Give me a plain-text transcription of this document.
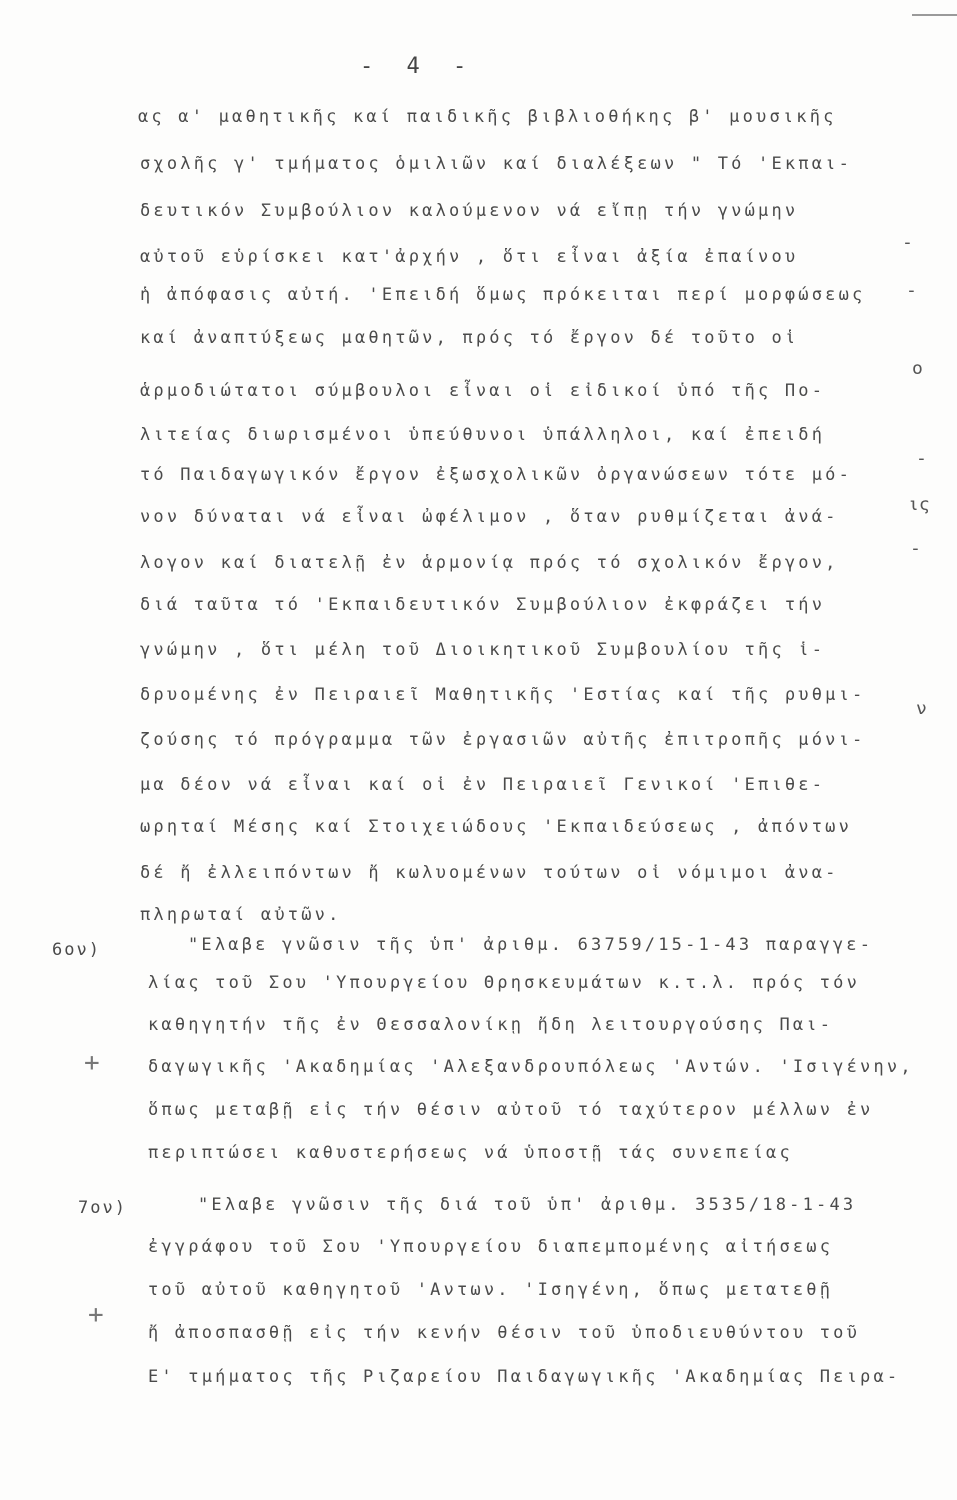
- 4 -
ας α' μαθητικῆς καί παιδικῆς βιβλιοθήκης β' μουσικῆς
σχολῆς γ' τμήματος ὁμιλιῶν καί διαλέξεων " Τό 'Εκπαι-
δευτικόν Συμβούλιον καλούμενον νά εἴπῃ τήν γνώμην
αὐτοῦ εὑρίσκει κατ'ἀρχήν , ὅτι εἶναι ἀξία ἐπαίνου
ἡ ἀπόφασις αὐτή. 'Επειδή ὅμως πρόκειται περί μορφώσεως
καί ἀναπτύξεως μαθητῶν, πρός τό ἔργον δέ τοῦτο οἱ
ἁρμοδιώτατοι σύμβουλοι εἶναι οἱ εἰδικοί ὑπό τῆς Πο-
λιτείας διωρισμένοι ὑπεύθυνοι ὑπάλληλοι, καί ἐπειδή
τό Παιδαγωγικόν ἔργον ἐξωσχολικῶν ὀργανώσεων τότε μό-
νον δύναται νά εἶναι ὠφέλιμον , ὅταν ρυθμίζεται ἀνά-
λογον καί διατελῇ ἐν ἁρμονίᾳ πρός τό σχολικόν ἔργον,
διά ταῦτα τό 'Εκπαιδευτικόν Συμβούλιον ἐκφράζει τήν
γνώμην , ὅτι μέλη τοῦ Διοικητικοῦ Συμβουλίου τῆς ἱ-
δρυομένης ἐν Πειραιεῖ Μαθητικῆς 'Εστίας καί τῆς ρυθμι-
ζούσης τό πρόγραμμα τῶν ἐργασιῶν αὐτῆς ἐπιτροπῆς μόνι-
μα δέον νά εἶναι καί οἱ ἐν Πειραιεῖ Γενικοί 'Επιθε-
ωρηταί Μέσης καί Στοιχειώδους 'Εκπαιδεύσεως , ἀπόντων
δέ ἤ ἐλλειπόντων ἤ κωλυομένων τούτων οἱ νόμιμοι ἀνα-
πληρωταί αὐτῶν.
"Ελαβε γνῶσιν τῆς ὑπ' ἀριθμ. 63759/15-1-43 παραγγε-
λίας τοῦ Σου 'Υπουργείου Θρησκευμάτων κ.τ.λ. πρός τόν
καθηγητήν τῆς ἐν Θεσσαλονίκῃ ἤδη λειτουργούσης Παι-
δαγωγικῆς 'Ακαδημίας 'Αλεξανδρουπόλεως 'Αντών. 'Ισιγένην,
ὅπως μεταβῇ εἰς τήν θέσιν αὐτοῦ τό ταχύτερον μέλλων ἐν
περιπτώσει καθυστερήσεως νά ὑποστῇ τάς συνεπείας
"Ελαβε γνῶσιν τῆς διά τοῦ ὑπ' ἀριθμ. 3535/18-1-43
ἐγγράφου τοῦ Σου 'Υπουργείου διαπεμπομένης αἰτήσεως
τοῦ αὐτοῦ καθηγητοῦ 'Αντων. 'Ισηγένη, ὅπως μετατεθῇ
ἤ ἀποσπασθῇ εἰς τήν κενήν θέσιν τοῦ ὑποδιευθύντου τοῦ
Ε' τμήματος τῆς Ριζαρείου Παιδαγωγικῆς 'Ακαδημίας Πειρα-
6ον)
7ον)
+
+
-
-
ο
-
ις
-
ν
